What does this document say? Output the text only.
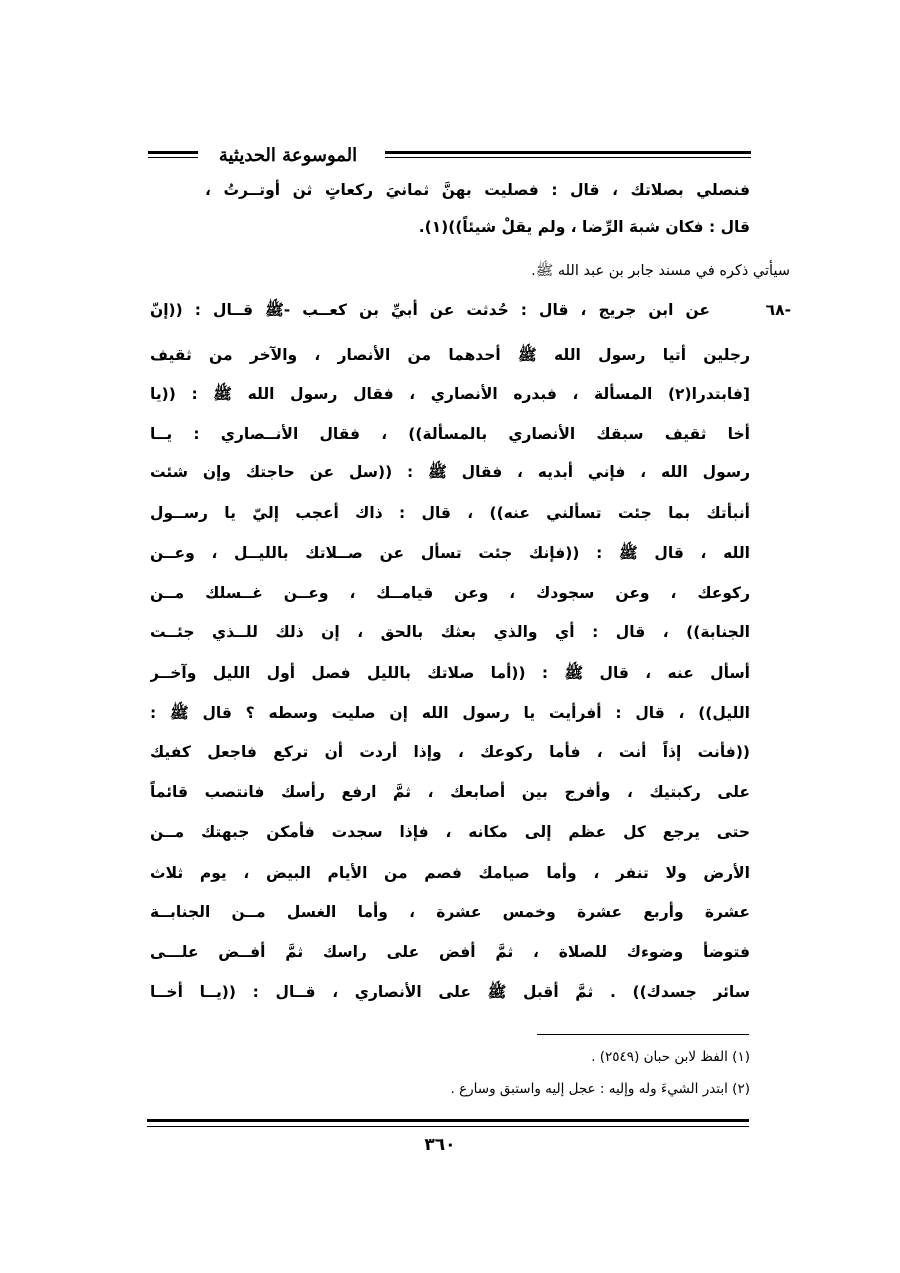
الموسوعة الحديثية
فنصلي بصلاتك ، قال : فصليت بهنَّ ثمانيَ ركعاتٍ ثن أوتــرتُ ،
قال : فكان شبهَ الرِّضا ، ولم يقلْ شيئاً))(١).
سيأتي ذكره في مسند جابر بن عبد الله ﷺ.
٦٨-
عن ابن جريج ، قال : حُدثت عن أبيِّ بن كعــب -ﷺ قــال : ((إنّ
رجلين أتيا رسول الله ﷺ أحدهما من الأنصار ، والآخر من ثقيف
[فابتدرا(٢) المسألة ، فبدره الأنصاري ، فقال رسول الله ﷺ : ((يا
أخا ثقيف سبقك الأنصاري بالمسألة)) ، فقال الأنــصاري : يــا
رسول الله ، فإني أبديه ، فقال ﷺ : ((سل عن حاجتك وإن شئت
أنبأتك بما جئت تسألني عنه)) ، قال : ذاك أعجب إليّ يا رســول
الله ، قال ﷺ : ((فإنك جئت تسأل عن صــلاتك بالليــل ، وعــن
ركوعك ، وعن سجودك ، وعن قيامــك ، وعــن غــسلك مــن
الجنابة)) ، قال : أي والذي بعثك بالحق ، إن ذلك للــذي جئــت
أسأل عنه ، قال ﷺ : ((أما صلاتك بالليل فصل أول الليل وآخــر
الليل)) ، قال : أفرأيت يا رسول الله إن صليت وسطه ؟ قال ﷺ :
((فأنت إذاً أنت ، فأما ركوعك ، وإذا أردت أن تركع فاجعل كفيك
على ركبتيك ، وأفرج بين أصابعك ، ثمَّ ارفع رأسك فانتصب قائماً
حتى يرجع كل عظم إلى مكانه ، فإذا سجدت فأمكن جبهتك مــن
الأرض ولا تنفر ، وأما صيامك فصم من الأيام البيض ، يوم ثلاث
عشرة وأربع عشرة وخمس عشرة ، وأما الغسل مــن الجنابــة
فتوضأ وضوءك للصلاة ، ثمَّ أفض على راسك ثمَّ أفــض علـــى
سائر جسدك)) . ثمَّ أقبل ﷺ على الأنصاري ، قــال : ((يــا أخــا
(١) الفظ لابن حبان (٢٥٤٩) .
(٢) ابتدر الشيءَ وله وإليه : عجل إليه واستبق وسارع .
٣٦٠
